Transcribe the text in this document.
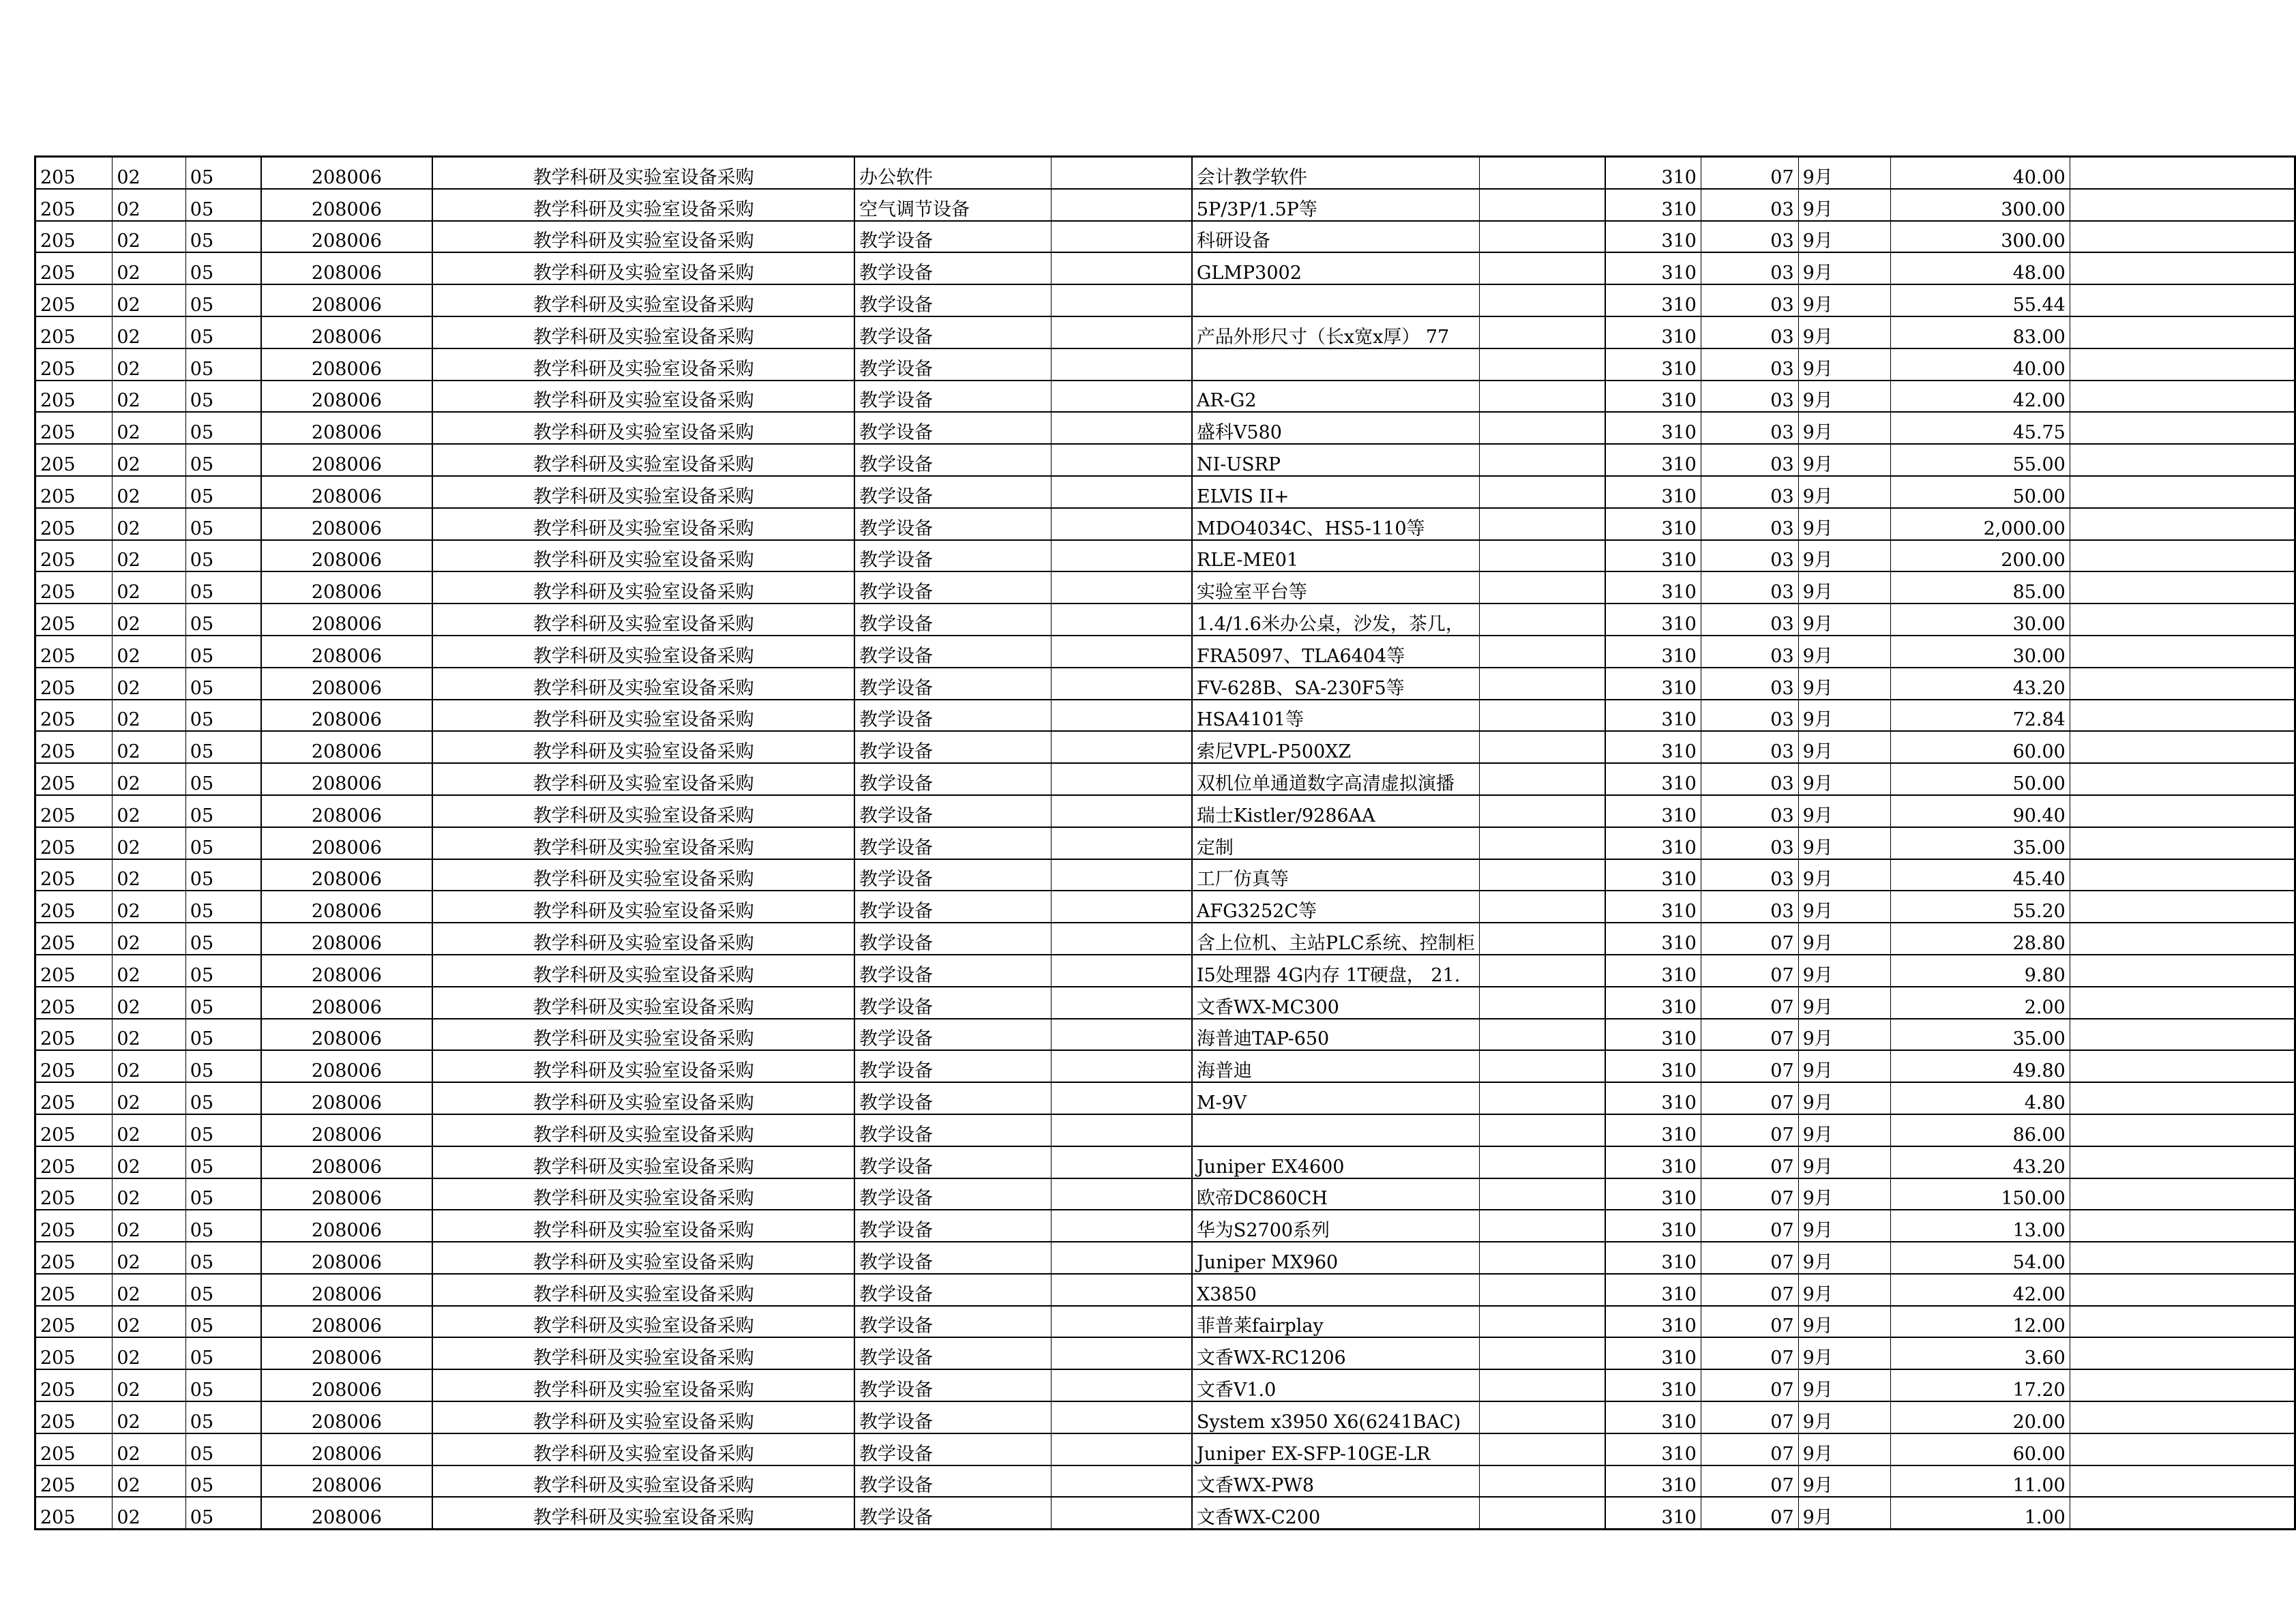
205	02	05	208006	教学科研及实验室设备采购	办公软件		会计教学软件		310	07	9月	40.00	
205	02	05	208006	教学科研及实验室设备采购	空气调节设备		5P/3P/1.5P等		310	03	9月	300.00	
205	02	05	208006	教学科研及实验室设备采购	教学设备		科研设备		310	03	9月	300.00	
205	02	05	208006	教学科研及实验室设备采购	教学设备		GLMP3002		310	03	9月	48.00	
205	02	05	208006	教学科研及实验室设备采购	教学设备				310	03	9月	55.44	
205	02	05	208006	教学科研及实验室设备采购	教学设备		产品外形尺寸（长x宽x厚） 77		310	03	9月	83.00	
205	02	05	208006	教学科研及实验室设备采购	教学设备				310	03	9月	40.00	
205	02	05	208006	教学科研及实验室设备采购	教学设备		AR-G2		310	03	9月	42.00	
205	02	05	208006	教学科研及实验室设备采购	教学设备		盛科V580		310	03	9月	45.75	
205	02	05	208006	教学科研及实验室设备采购	教学设备		NI-USRP		310	03	9月	55.00	
205	02	05	208006	教学科研及实验室设备采购	教学设备		ELVIS II+		310	03	9月	50.00	
205	02	05	208006	教学科研及实验室设备采购	教学设备		MDO4034C、HS5-110等		310	03	9月	2,000.00	
205	02	05	208006	教学科研及实验室设备采购	教学设备		RLE-ME01		310	03	9月	200.00	
205	02	05	208006	教学科研及实验室设备采购	教学设备		实验室平台等		310	03	9月	85.00	
205	02	05	208006	教学科研及实验室设备采购	教学设备		1.4/1.6米办公桌，沙发，茶几，		310	03	9月	30.00	
205	02	05	208006	教学科研及实验室设备采购	教学设备		FRA5097、TLA6404等		310	03	9月	30.00	
205	02	05	208006	教学科研及实验室设备采购	教学设备		FV-628B、SA-230F5等		310	03	9月	43.20	
205	02	05	208006	教学科研及实验室设备采购	教学设备		HSA4101等		310	03	9月	72.84	
205	02	05	208006	教学科研及实验室设备采购	教学设备		索尼VPL-P500XZ		310	03	9月	60.00	
205	02	05	208006	教学科研及实验室设备采购	教学设备		双机位单通道数字高清虚拟演播		310	03	9月	50.00	
205	02	05	208006	教学科研及实验室设备采购	教学设备		瑞士Kistler/9286AA		310	03	9月	90.40	
205	02	05	208006	教学科研及实验室设备采购	教学设备		定制		310	03	9月	35.00	
205	02	05	208006	教学科研及实验室设备采购	教学设备		工厂仿真等		310	03	9月	45.40	
205	02	05	208006	教学科研及实验室设备采购	教学设备		AFG3252C等		310	03	9月	55.20	
205	02	05	208006	教学科研及实验室设备采购	教学设备		含上位机、主站PLC系统、控制柜		310	07	9月	28.80	
205	02	05	208006	教学科研及实验室设备采购	教学设备		I5处理器 4G内存 1T硬盘， 21.		310	07	9月	9.80	
205	02	05	208006	教学科研及实验室设备采购	教学设备		文香WX-MC300		310	07	9月	2.00	
205	02	05	208006	教学科研及实验室设备采购	教学设备		海普迪TAP-650		310	07	9月	35.00	
205	02	05	208006	教学科研及实验室设备采购	教学设备		海普迪		310	07	9月	49.80	
205	02	05	208006	教学科研及实验室设备采购	教学设备		M-9V		310	07	9月	4.80	
205	02	05	208006	教学科研及实验室设备采购	教学设备				310	07	9月	86.00	
205	02	05	208006	教学科研及实验室设备采购	教学设备		Juniper EX4600		310	07	9月	43.20	
205	02	05	208006	教学科研及实验室设备采购	教学设备		欧帝DC860CH		310	07	9月	150.00	
205	02	05	208006	教学科研及实验室设备采购	教学设备		华为S2700系列		310	07	9月	13.00	
205	02	05	208006	教学科研及实验室设备采购	教学设备		Juniper MX960		310	07	9月	54.00	
205	02	05	208006	教学科研及实验室设备采购	教学设备		X3850		310	07	9月	42.00	
205	02	05	208006	教学科研及实验室设备采购	教学设备		菲普莱fairplay		310	07	9月	12.00	
205	02	05	208006	教学科研及实验室设备采购	教学设备		文香WX-RC1206		310	07	9月	3.60	
205	02	05	208006	教学科研及实验室设备采购	教学设备		文香V1.0		310	07	9月	17.20	
205	02	05	208006	教学科研及实验室设备采购	教学设备		System x3950 X6(6241BAC)		310	07	9月	20.00	
205	02	05	208006	教学科研及实验室设备采购	教学设备		Juniper EX-SFP-10GE-LR		310	07	9月	60.00	
205	02	05	208006	教学科研及实验室设备采购	教学设备		文香WX-PW8		310	07	9月	11.00	
205	02	05	208006	教学科研及实验室设备采购	教学设备		文香WX-C200		310	07	9月	1.00	
